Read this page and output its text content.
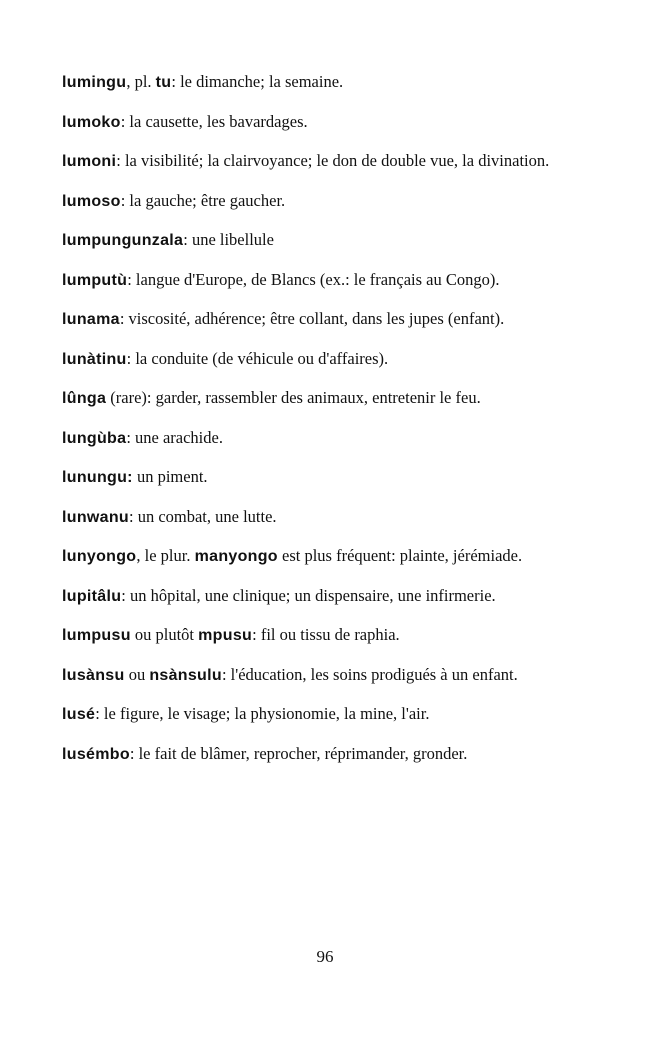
lumingu, pl. tu: le dimanche; la semaine.

lumoko: la causette, les bavardages.

lumoni: la visibilité; la clairvoyance; le don de double vue, la divination.

lumoso: la gauche; être gaucher.

lumpungunzala: une libellule

lumputù: langue d'Europe, de Blancs (ex.: le français au Congo).

lunama: viscosité, adhérence; être collant, dans les jupes (enfant).

lunàtinu: la conduite (de véhicule ou d'affaires).

lûnga (rare): garder, rassembler des animaux, entretenir le feu.

lungùba: une arachide.

lunungu: un piment.

lunwanu: un combat, une lutte.

lunyongo, le plur. manyongo est plus fréquent: plainte, jérémiade.

lupitâlu: un hôpital, une clinique; un dispensaire, une infirmerie.

lumpusu ou plutôt mpusu: fil ou tissu de raphia.

lusànsu ou nsànsulu: l'éducation, les soins prodigués à un enfant.

lusé: le figure, le visage; la physionomie, la mine, l'air.

lusémbo: le fait de blâmer, reprocher, réprimander, gronder.

96
